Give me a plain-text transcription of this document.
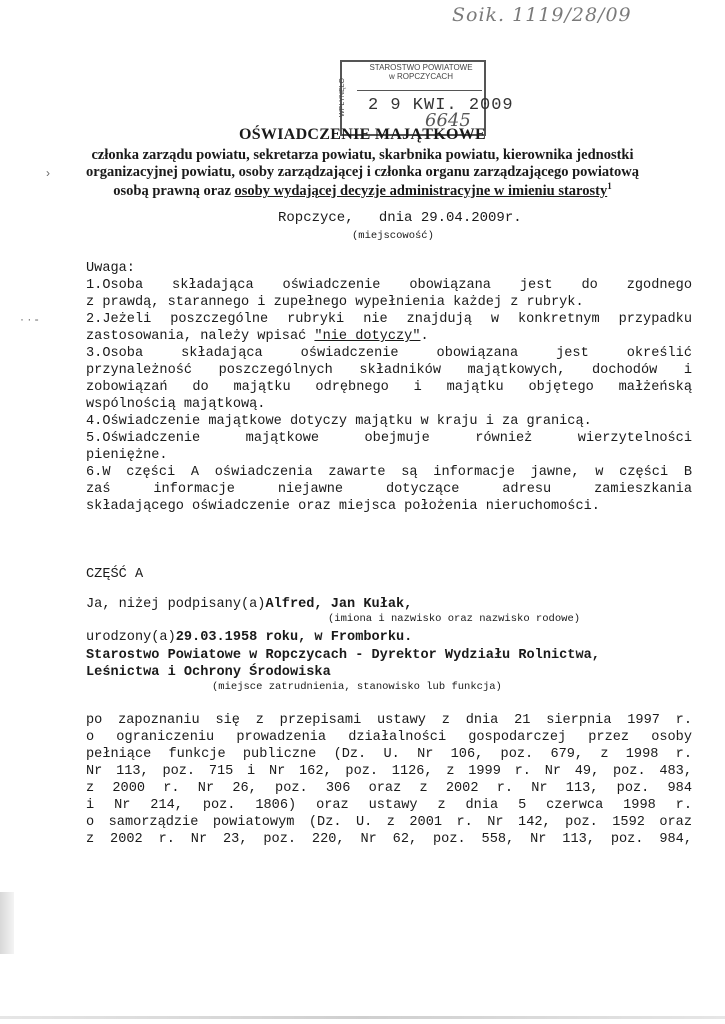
Soik. 1119/28/09
WPŁYNĘŁO
STAROSTWO POWIATOWE
w ROPCZYCACH
2 9 KWI. 2009
6645
OŚWIADCZENIE MAJĄTKOWE
członka zarządu powiatu, sekretarza powiatu, skarbnika powiatu, kierownika jednostki
organizacyjnej powiatu, osoby zarządzającej i członka organu zarządzającego powiatową
osobą prawną oraz osoby wydającej decyzje administracyjne w imieniu starosty$^1$
›
· · -
Ropczyce,   dnia 29.04.2009r.
(miejscowość)
Uwaga:
1.Osoba składająca oświadczenie obowiązana jest do zgodnego
z prawdą, starannego i zupełnego wypełnienia każdej z rubryk.
2.Jeżeli poszczególne rubryki nie znajdują w konkretnym przypadku
zastosowania, należy wpisać "nie dotyczy".
3.Osoba składająca oświadczenie obowiązana jest określić
przynależność poszczególnych składników majątkowych, dochodów i
zobowiązań do majątku odrębnego i majątku objętego małżeńską
wspólnością majątkową.
4.Oświadczenie majątkowe dotyczy majątku w kraju i za granicą.
5.Oświadczenie majątkowe obejmuje również wierzytelności
pieniężne.
6.W części A oświadczenia zawarte są informacje jawne, w części B
zaś informacje niejawne dotyczące adresu zamieszkania
składającego oświadczenie oraz miejsca położenia nieruchomości.
CZĘŚĆ A
Ja, niżej podpisany(a)Alfred, Jan Kułak,
(imiona i nazwisko oraz nazwisko rodowe)
urodzony(a)29.03.1958 roku, w Fromborku.
Starostwo Powiatowe w Ropczycach - Dyrektor Wydziału Rolnictwa,
Leśnictwa i Ochrony Środowiska
(miejsce zatrudnienia, stanowisko lub funkcja)
po zapoznaniu się z przepisami ustawy z dnia 21 sierpnia 1997 r.
o ograniczeniu prowadzenia działalności gospodarczej przez osoby
pełniące funkcje publiczne (Dz. U. Nr 106, poz. 679, z 1998 r.
Nr 113, poz. 715 i Nr 162, poz. 1126, z 1999 r. Nr 49, poz. 483,
z 2000 r. Nr 26, poz. 306 oraz z 2002 r. Nr 113, poz. 984
i Nr 214, poz. 1806) oraz ustawy z dnia 5 czerwca 1998 r.
o samorządzie powiatowym (Dz. U. z 2001 r. Nr 142, poz. 1592 oraz
z 2002 r. Nr 23, poz. 220, Nr 62, poz. 558, Nr 113, poz. 984,
